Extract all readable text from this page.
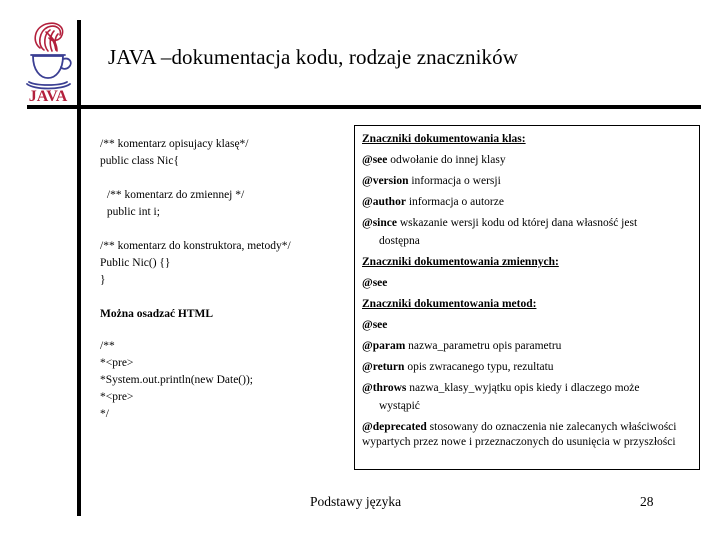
JAVA
JAVA –dokumentacja kodu, rodzaje znaczników
/** komentarz opisujacy klasę*/
public class Nic{
/** komentarz do zmiennej */
public int i;
/** komentarz do konstruktora, metody*/
Public Nic() {}
}
Można osadzać HTML
/**
*<pre>
*System.out.println(new Date());
*<pre>
*/
Znaczniki dokumentowania klas:
@see odwołanie do innej klasy
@version informacja o wersji
@author informacja o autorze
@since wskazanie wersji kodu od której dana własność jest
dostępna
Znaczniki dokumentowania zmiennych:
@see
Znaczniki dokumentowania metod:
@see
@param nazwa_parametru opis parametru
@return opis zwracanego typu, rezultatu
@throws nazwa_klasy_wyjątku opis kiedy i dlaczego może
wystąpić
@deprecated stosowany do oznaczenia nie zalecanych właściwości wypartych przez nowe i przeznaczonych do usunięcia w przyszłości
Podstawy języka	28
